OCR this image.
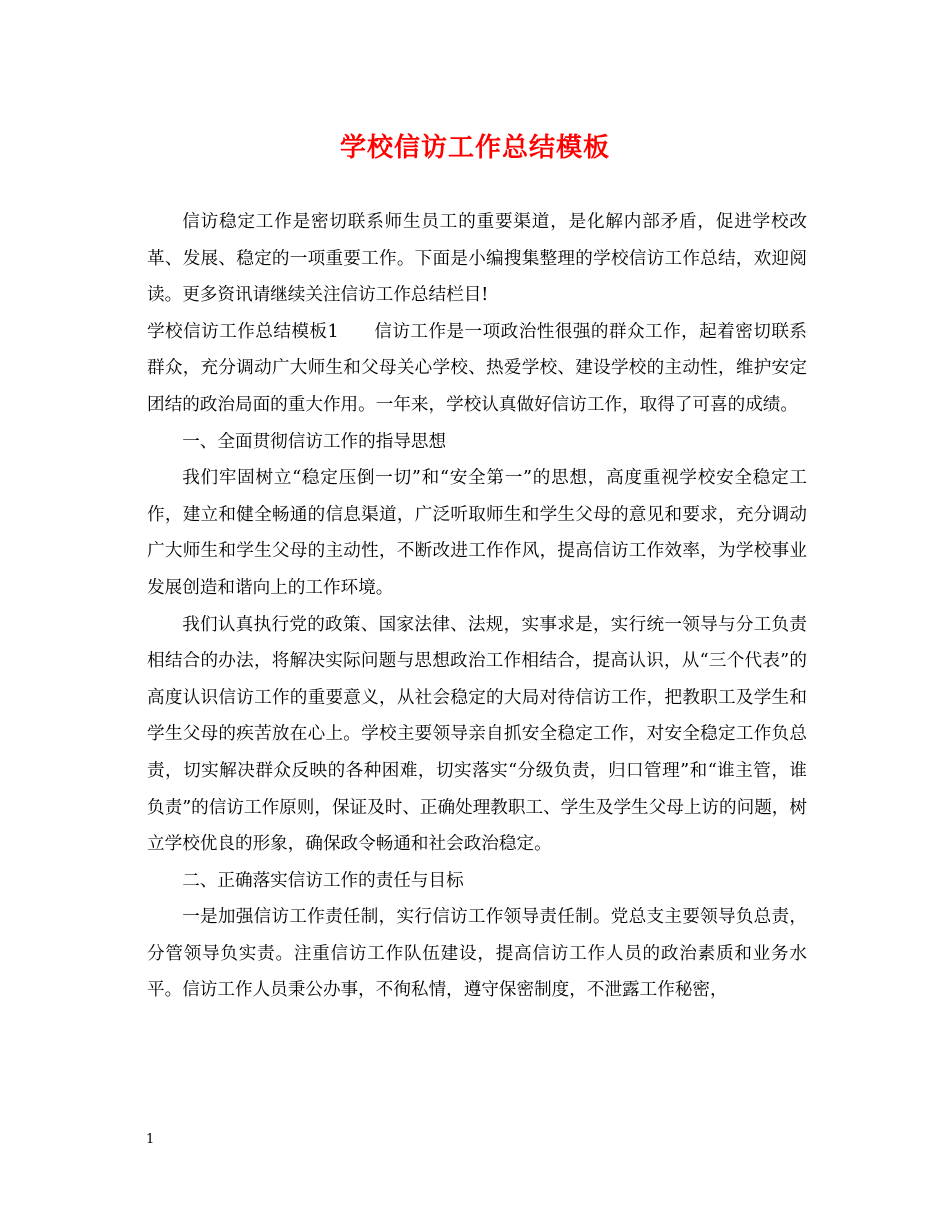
学校信访工作总结模板

信访稳定工作是密切联系师生员工的重要渠道，是化解内部矛盾，促进学校改革、发展、稳定的一项重要工作。下面是小编搜集整理的学校信访工作总结，欢迎阅读。更多资讯请继续关注信访工作总结栏目!

学校信访工作总结模板1 信访工作是一项政治性很强的群众工作，起着密切联系群众，充分调动广大师生和父母关心学校、热爱学校、建设学校的主动性，维护安定团结的政治局面的重大作用。一年来，学校认真做好信访工作，取得了可喜的成绩。

一、全面贯彻信访工作的指导思想

我们牢固树立“稳定压倒一切”和“安全第一”的思想，高度重视学校安全稳定工作，建立和健全畅通的信息渠道，广泛听取师生和学生父母的意见和要求，充分调动广大师生和学生父母的主动性，不断改进工作作风，提高信访工作效率，为学校事业发展创造和谐向上的工作环境。

我们认真执行党的政策、国家法律、法规，实事求是，实行统一领导与分工负责相结合的办法，将解决实际问题与思想政治工作相结合，提高认识，从“三个代表”的高度认识信访工作的重要意义，从社会稳定的大局对待信访工作，把教职工及学生和学生父母的疾苦放在心上。学校主要领导亲自抓安全稳定工作，对安全稳定工作负总责，切实解决群众反映的各种困难，切实落实“分级负责，归口管理”和“谁主管，谁负责”的信访工作原则，保证及时、正确处理教职工、学生及学生父母上访的问题，树立学校优良的形象，确保政令畅通和社会政治稳定。

二、正确落实信访工作的责任与目标

一是加强信访工作责任制，实行信访工作领导责任制。党总支主要领导负总责，分管领导负实责。注重信访工作队伍建设，提高信访工作人员的政治素质和业务水平。信访工作人员秉公办事，不徇私情，遵守保密制度，不泄露工作秘密，

1
